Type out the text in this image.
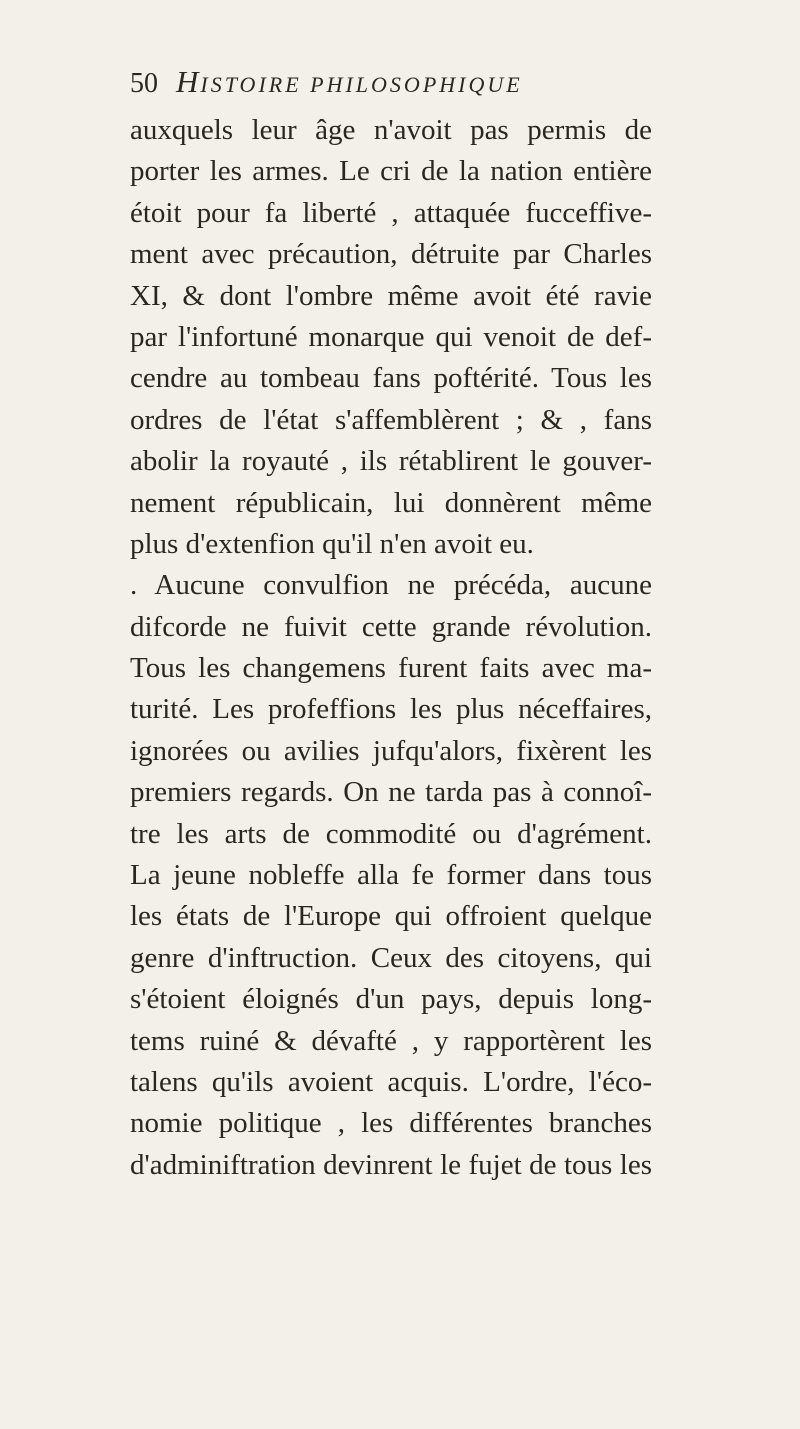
50 HISTOIRE PHILOSOPHIQUE
auxquels leur âge n'avoit pas permis de
porter les armes. Le cri de la nation entière
étoit pour fa liberté , attaquée fucceffive-
ment avec précaution, détruite par Charles
XI, & dont l'ombre même avoit été ravie
par l'infortuné monarque qui venoit de def-
cendre au tombeau fans poftérité. Tous les
ordres de l'état s'affemblèrent ; & , fans
abolir la royauté , ils rétablirent le gouver-
nement républicain, lui donnèrent même
plus d'extenfion qu'il n'en avoit eu.
. Aucune convulfion ne précéda, aucune
difcorde ne fuivit cette grande révolution.
Tous les changemens furent faits avec ma-
turité. Les profeffions les plus néceffaires,
ignorées ou avilies jufqu'alors, fixèrent les
premiers regards. On ne tarda pas à connoî-
tre les arts de commodité ou d'agrément.
La jeune nobleffe alla fe former dans tous
les états de l'Europe qui offroient quelque
genre d'inftruction. Ceux des citoyens, qui
s'étoient éloignés d'un pays, depuis long-
tems ruiné & dévafté , y rapportèrent les
talens qu'ils avoient acquis. L'ordre, l'éco-
nomie politique , les différentes branches
d'adminiftration devinrent le fujet de tous les
